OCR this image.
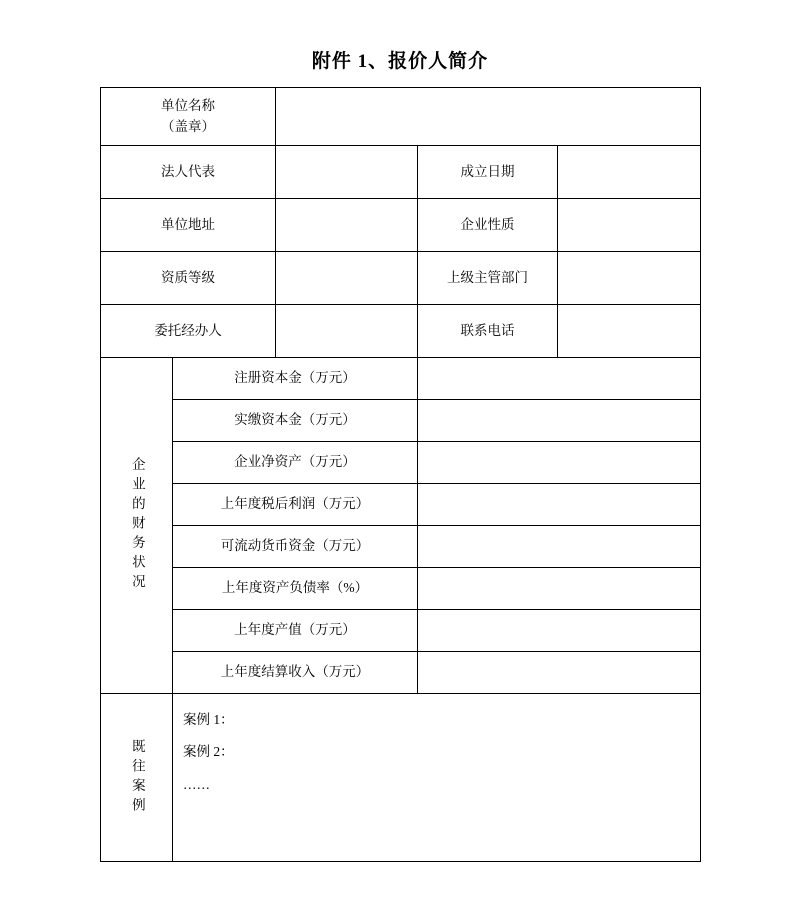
附件 1、报价人简介
单位名称
（盖章）				

法人代表			成立日期	
单位地址			企业性质	
资质等级			上级主管部门	
委托经办人			联系电话	

企业的财务状况	注册资本金（万元）			
	实缴资本金（万元）			
	企业净资产（万元）			
	上年度税后利润（万元）			
	可流动货币资金（万元）			
	上年度资产负债率（%）			
	上年度产值（万元）			
	上年度结算收入（万元）			

既往案例	案例 1：
案例 2：
……			
